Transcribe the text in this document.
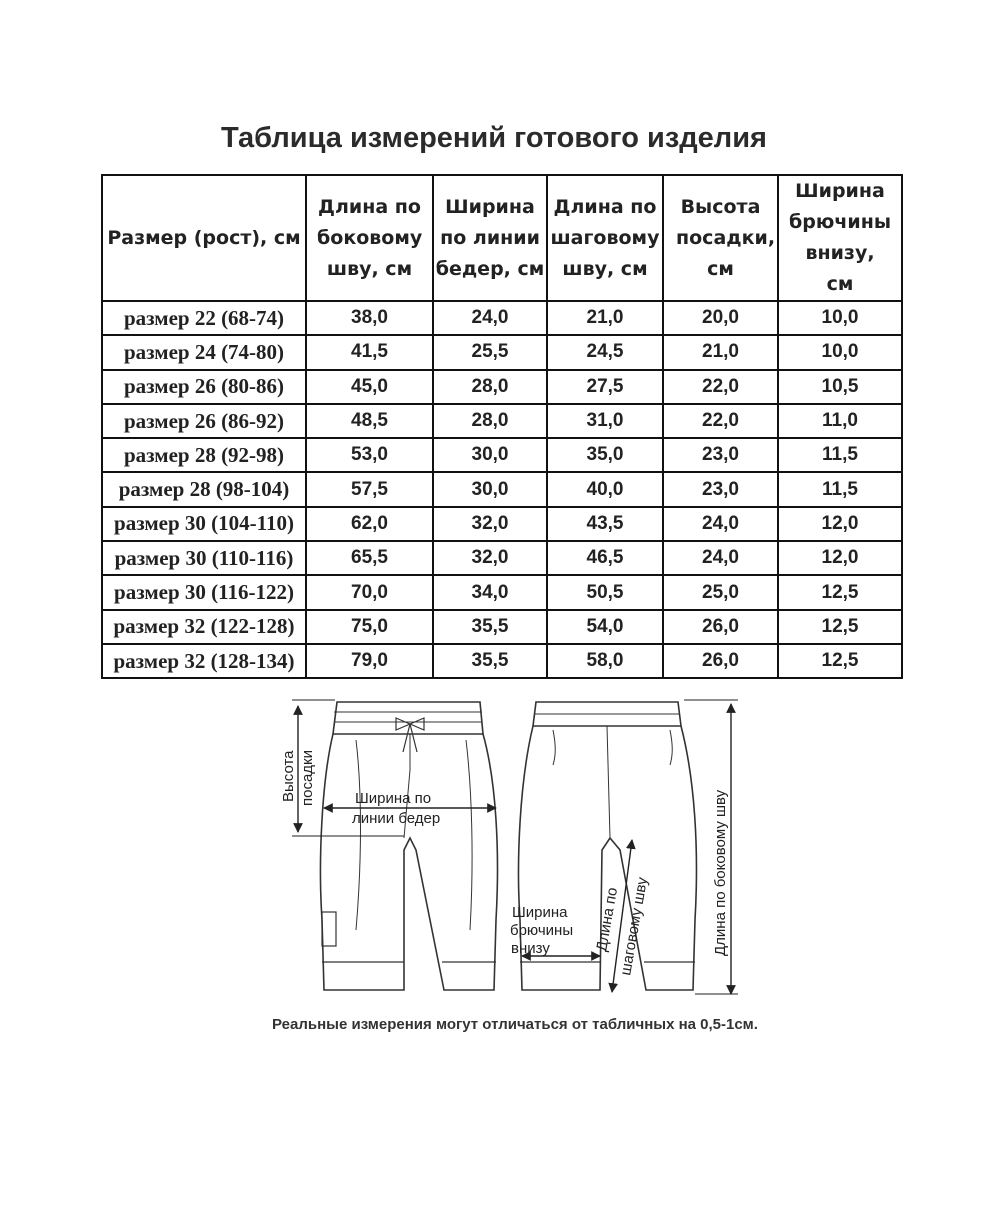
Таблица измерений готового изделия
Размер (рост), см	Длина по боковому шву, см	Ширина по линии бедер, см	Длина по шаговому шву, см	Высота посадки, см	Ширина брючины внизу, см
размер 22 (68-74)	38,0	24,0	21,0	20,0	10,0
размер 24 (74-80)	41,5	25,5	24,5	21,0	10,0
размер 26 (80-86)	45,0	28,0	27,5	22,0	10,5
размер 26 (86-92)	48,5	28,0	31,0	22,0	11,0
размер 28 (92-98)	53,0	30,0	35,0	23,0	11,5
размер 28 (98-104)	57,5	30,0	40,0	23,0	11,5
размер 30 (104-110)	62,0	32,0	43,5	24,0	12,0
размер 30 (110-116)	65,5	32,0	46,5	24,0	12,0
размер 30 (116-122)	70,0	34,0	50,5	25,0	12,5
размер 32 (122-128)	75,0	35,5	54,0	26,0	12,5
размер 32 (128-134)	79,0	35,5	58,0	26,0	12,5
Высота посадки	Ширина по
линии бедер
Ширина
брючины
внизу	Длина по
шаговому шву	Длина по боковому шву
Реальные измерения могут отличаться от табличных на 0,5-1см.
